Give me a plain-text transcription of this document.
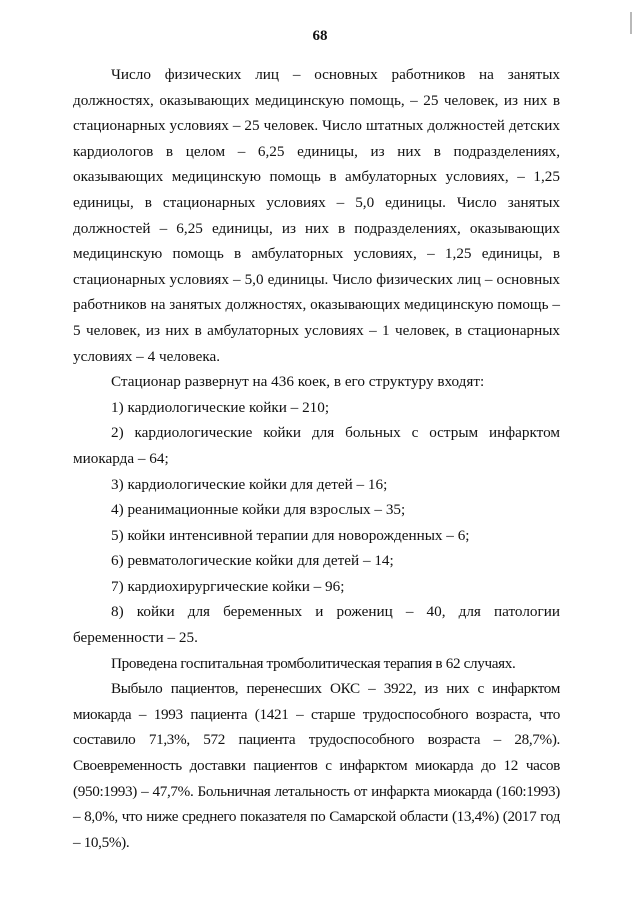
68

Число физических лиц – основных работников на занятых должностях, оказывающих медицинскую помощь, – 25 человек, из них в стационарных условиях – 25 человек. Число штатных должностей детских кардиологов в целом – 6,25 единицы, из них в подразделениях, оказывающих медицинскую помощь в амбулаторных условиях, – 1,25 единицы, в стационарных условиях – 5,0 единицы. Число занятых должностей – 6,25 единицы, из них в подразделениях, оказывающих медицинскую помощь в амбулаторных условиях, – 1,25 единицы, в стационарных условиях – 5,0 единицы. Число физических лиц – основных работников на занятых должностях, оказывающих медицинскую помощь – 5 человек, из них в амбулаторных условиях – 1 человек, в стационарных условиях – 4 человека.

Стационар развернут на 436 коек, в его структуру входят:

1) кардиологические койки – 210;

2) кардиологические койки для больных с острым инфарктом миокарда – 64;

3) кардиологические койки для детей – 16;

4) реанимационные койки для взрослых – 35;

5) койки интенсивной терапии для новорожденных – 6;

6) ревматологические койки для детей – 14;

7) кардиохирургические койки – 96;

8) койки для беременных и рожениц – 40, для патологии беременности – 25.

Проведена госпитальная тромболитическая терапия в 62 случаях.

Выбыло пациентов, перенесших ОКС – 3922, из них с инфарктом миокарда – 1993 пациента (1421 – старше трудоспособного возраста, что составило 71,3%, 572 пациента трудоспособного возраста – 28,7%). Своевременность доставки пациентов с инфарктом миокарда до 12 часов (950:1993) – 47,7%. Больничная летальность от инфаркта миокарда (160:1993) – 8,0%, что ниже среднего показателя по Самарской области (13,4%) (2017 год – 10,5%).
